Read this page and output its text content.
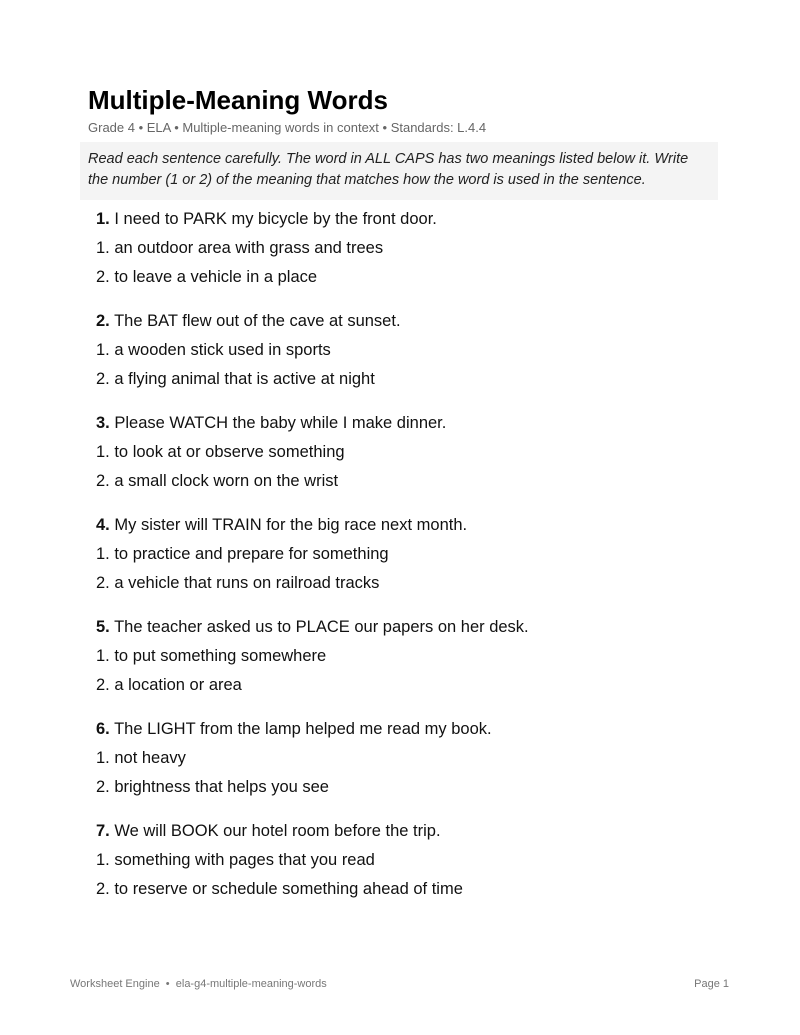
Multiple-Meaning Words
Grade 4 • ELA • Multiple-meaning words in context • Standards: L.4.4
Read each sentence carefully. The word in ALL CAPS has two meanings listed below it. Write the number (1 or 2) of the meaning that matches how the word is used in the sentence.
1. I need to PARK my bicycle by the front door.
1. an outdoor area with grass and trees
2. to leave a vehicle in a place
2. The BAT flew out of the cave at sunset.
1. a wooden stick used in sports
2. a flying animal that is active at night
3. Please WATCH the baby while I make dinner.
1. to look at or observe something
2. a small clock worn on the wrist
4. My sister will TRAIN for the big race next month.
1. to practice and prepare for something
2. a vehicle that runs on railroad tracks
5. The teacher asked us to PLACE our papers on her desk.
1. to put something somewhere
2. a location or area
6. The LIGHT from the lamp helped me read my book.
1. not heavy
2. brightness that helps you see
7. We will BOOK our hotel room before the trip.
1. something with pages that you read
2. to reserve or schedule something ahead of time
Worksheet Engine  •  ela-g4-multiple-meaning-words	Page 1
